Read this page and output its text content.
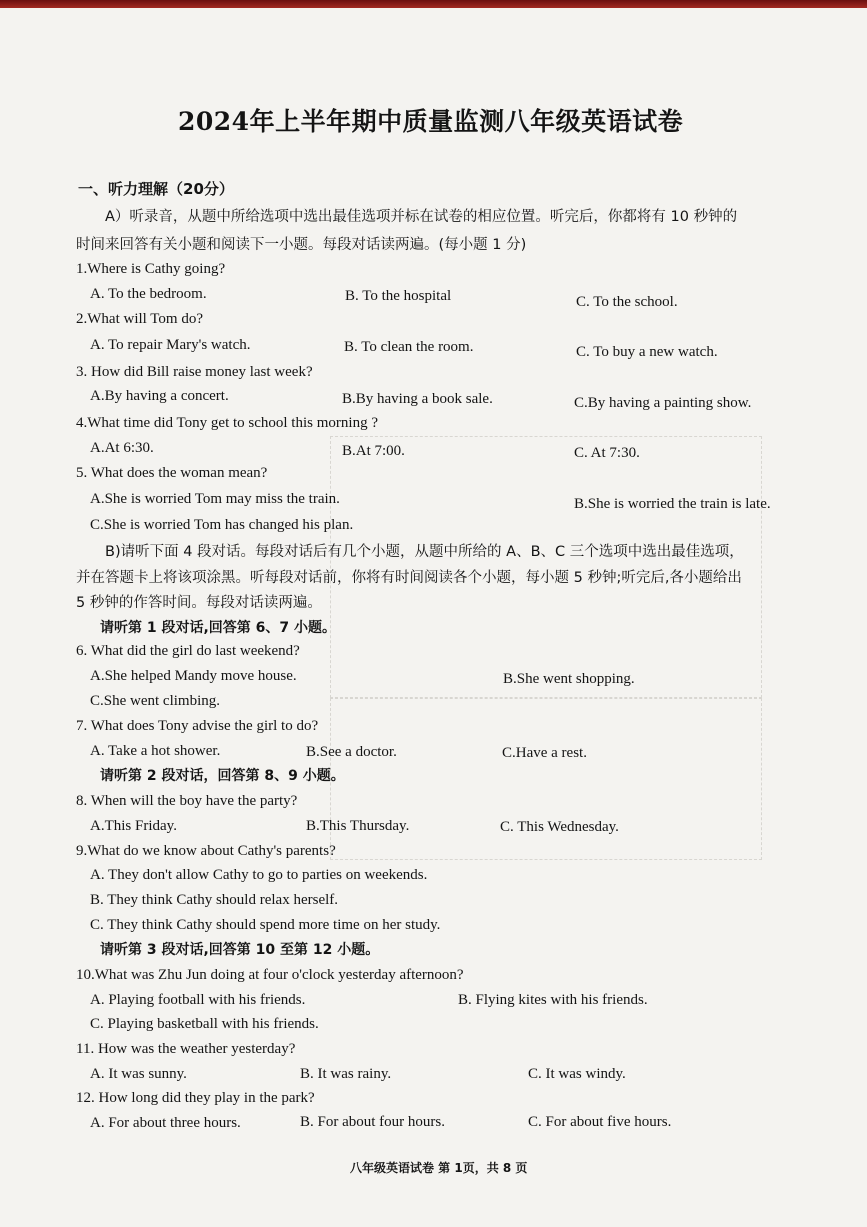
2024年上半年期中质量监测八年级英语试卷
一、听力理解（20分）
A）听录音，从题中所给选项中选出最佳选项并标在试卷的相应位置。听完后，你都将有 10 秒钟的
时间来回答有关小题和阅读下一小题。每段对话读两遍。(每小题 1 分)
1.Where is Cathy going?
A. To the bedroom.	B. To the hospital	C. To the school.
2.What will Tom do?
A. To repair Mary's watch.	B. To clean the room.	C. To buy a new watch.
3. How did Bill raise money last week?
A.By having a concert.	B.By having a book sale.	C.By having a painting show.
4.What time did Tony get to school this morning ?
A.At 6:30.	B.At 7:00.	C. At 7:30.
5. What does the woman mean?
A.She is worried Tom may miss the train.	B.She is worried the train is late.
C.She is worried Tom has changed his plan.
B)请听下面 4 段对话。每段对话后有几个小题，从题中所给的 A、B、C 三个选项中选出最佳选项，
并在答题卡上将该项涂黑。听每段对话前，你将有时间阅读各个小题，每小题 5 秒钟;听完后,各小题给出
5 秒钟的作答时间。每段对话读两遍。
请听第 1 段对话,回答第 6、7 小题。
6. What did the girl do last weekend?
A.She helped Mandy move house.	B.She went shopping.
C.She went climbing.
7. What does Tony advise the girl to do?
A. Take a hot shower.	B.See a doctor.	C.Have a rest.
请听第 2 段对话，回答第 8、9 小题。
8. When will the boy have the party?
A.This Friday.	B.This Thursday.	C. This Wednesday.
9.What do we know about Cathy's parents?
A. They don't allow Cathy to go to parties on weekends.
B. They think Cathy should relax herself.
C. They think Cathy should spend more time on her study.
请听第 3 段对话,回答第 10 至第 12 小题。
10.What was Zhu Jun doing at four o'clock yesterday afternoon?
A. Playing football with his friends.	B. Flying kites with his friends.
C. Playing basketball with his friends.
11. How was the weather yesterday?
A. It was sunny.	B. It was rainy.	C. It was windy.
12. How long did they play in the park?
A. For about three hours.	B. For about four hours.	C. For about five hours.
八年级英语试卷 第 1页，共 8 页
